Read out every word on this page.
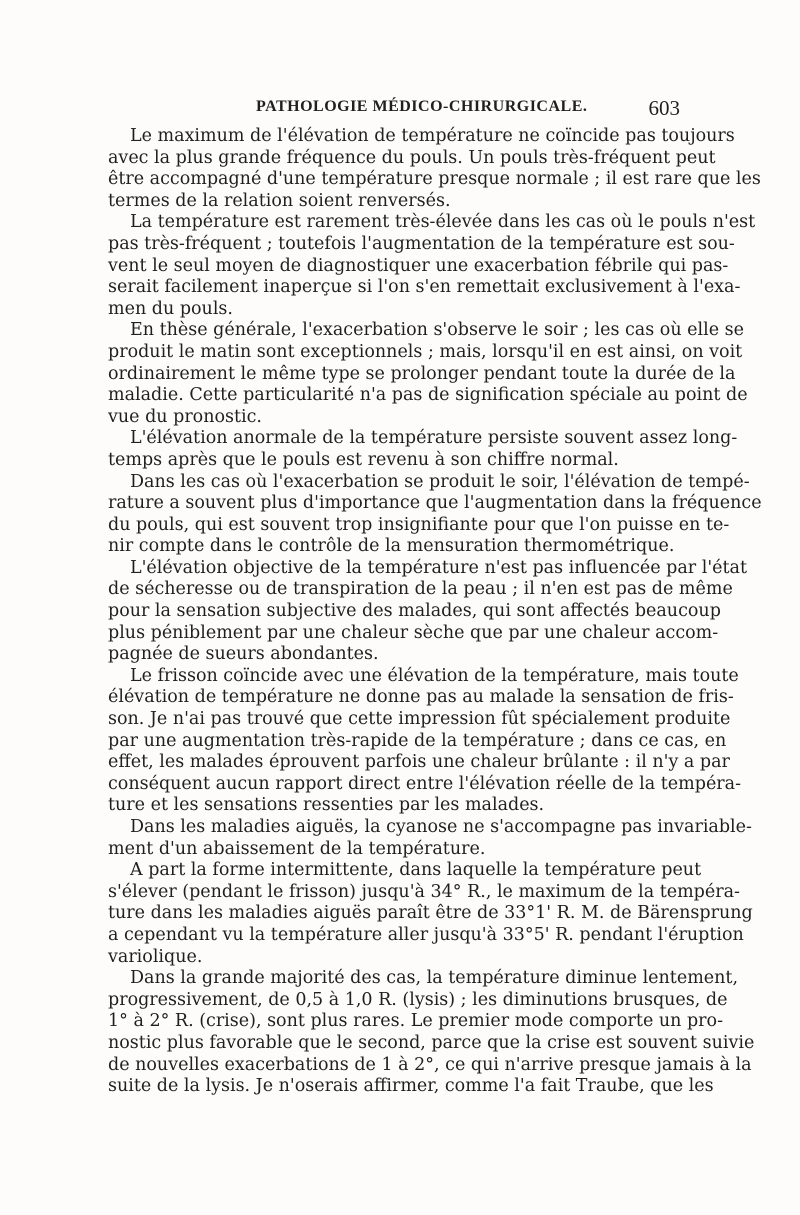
PATHOLOGIE MÉDICO-CHIRURGICALE.	603
Le maximum de l'élévation de température ne coïncide pas toujours
avec la plus grande fréquence du pouls. Un pouls très-fréquent peut
être accompagné d'une température presque normale ; il est rare que les
termes de la relation soient renversés.
La température est rarement très-élevée dans les cas où le pouls n'est
pas très-fréquent ; toutefois l'augmentation de la température est sou-
vent le seul moyen de diagnostiquer une exacerbation fébrile qui pas-
serait facilement inaperçue si l'on s'en remettait exclusivement à l'exa-
men du pouls.
En thèse générale, l'exacerbation s'observe le soir ; les cas où elle se
produit le matin sont exceptionnels ; mais, lorsqu'il en est ainsi, on voit
ordinairement le même type se prolonger pendant toute la durée de la
maladie. Cette particularité n'a pas de signification spéciale au point de
vue du pronostic.
L'élévation anormale de la température persiste souvent assez long-
temps après que le pouls est revenu à son chiffre normal.
Dans les cas où l'exacerbation se produit le soir, l'élévation de tempé-
rature a souvent plus d'importance que l'augmentation dans la fréquence
du pouls, qui est souvent trop insignifiante pour que l'on puisse en te-
nir compte dans le contrôle de la mensuration thermométrique.
L'élévation objective de la température n'est pas influencée par l'état
de sécheresse ou de transpiration de la peau ; il n'en est pas de même
pour la sensation subjective des malades, qui sont affectés beaucoup
plus péniblement par une chaleur sèche que par une chaleur accom-
pagnée de sueurs abondantes.
Le frisson coïncide avec une élévation de la température, mais toute
élévation de température ne donne pas au malade la sensation de fris-
son. Je n'ai pas trouvé que cette impression fût spécialement produite
par une augmentation très-rapide de la température ; dans ce cas, en
effet, les malades éprouvent parfois une chaleur brûlante : il n'y a par
conséquent aucun rapport direct entre l'élévation réelle de la tempéra-
ture et les sensations ressenties par les malades.
Dans les maladies aiguës, la cyanose ne s'accompagne pas invariable-
ment d'un abaissement de la température.
A part la forme intermittente, dans laquelle la température peut
s'élever (pendant le frisson) jusqu'à 34° R., le maximum de la tempéra-
ture dans les maladies aiguës paraît être de 33°1' R. M. de Bärensprung
a cependant vu la température aller jusqu'à 33°5' R. pendant l'éruption
variolique.
Dans la grande majorité des cas, la température diminue lentement,
progressivement, de 0,5 à 1,0 R. (lysis) ; les diminutions brusques, de
1° à 2° R. (crise), sont plus rares. Le premier mode comporte un pro-
nostic plus favorable que le second, parce que la crise est souvent suivie
de nouvelles exacerbations de 1 à 2°, ce qui n'arrive presque jamais à la
suite de la lysis. Je n'oserais affirmer, comme l'a fait Traube, que les
